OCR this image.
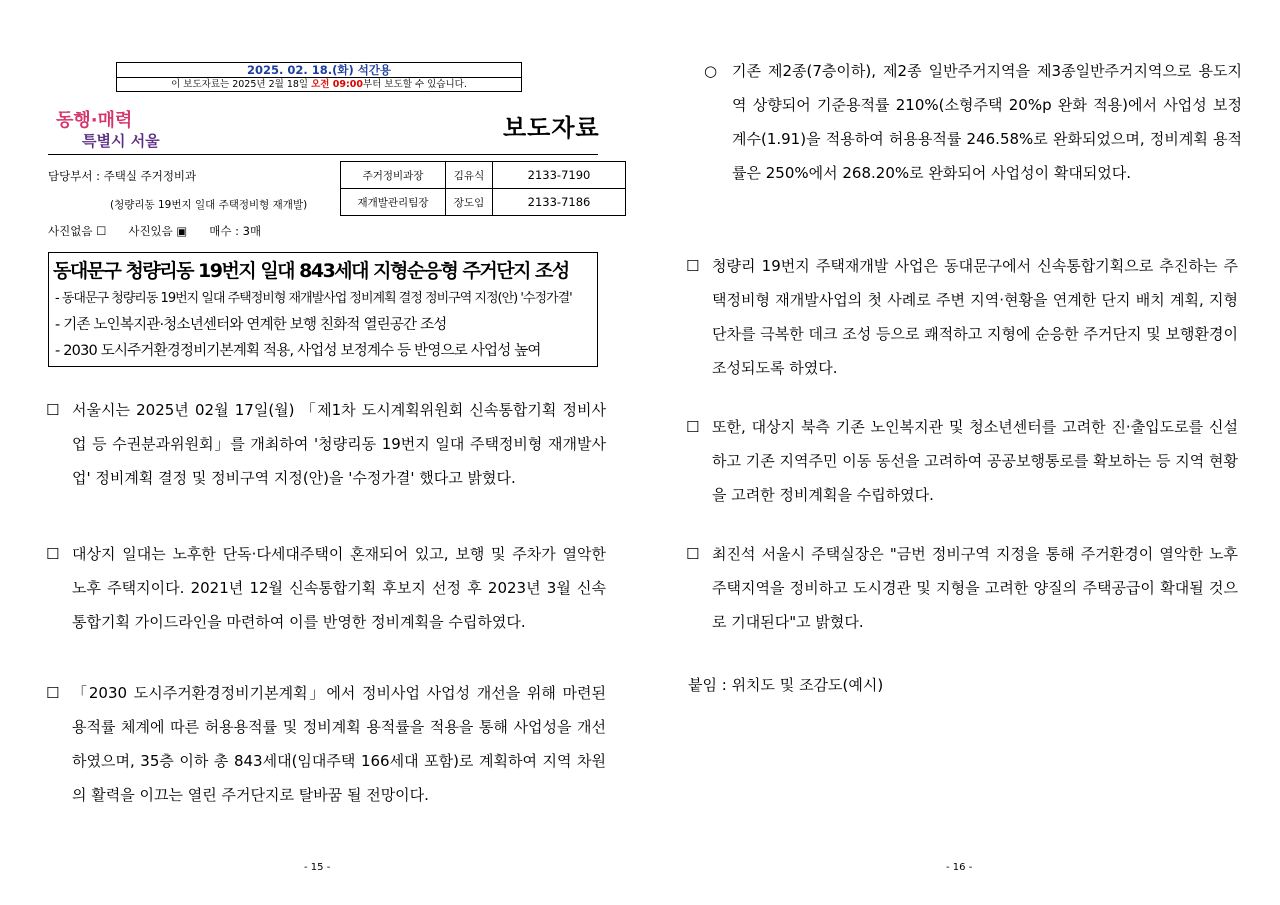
2025. 02. 18.(화) 석간용
이 보도자료는 2025년 2월 18일 오전 09:00부터 보도할 수 있습니다.
동행·매력
특별시 서울	보도자료
담당부서 : 주택실 주거정비과
(청량리동 19번지 일대 주택정비형 재개발)
주거정비과장	김유식	2133-7190
재개발관리팀장	장도임	2133-7186
사진없음 ☐      사진있음 ▣      매수 : 3매
동대문구 청량리동 19번지 일대 843세대 지형순응형 주거단지 조성
- 동대문구 청량리동 19번지 일대 주택정비형 재개발사업 정비계획 결정 정비구역 지정(안) '수정가결'
- 기존 노인복지관·청소년센터와 연계한 보행 친화적 열린공간 조성
- 2030 도시주거환경정비기본계획 적용, 사업성 보정계수 등 반영으로 사업성 높여
☐ 서울시는 2025년 02월 17일(월) 「제1차 도시계획위원회 신속통합기획 정비사업 등 수권분과위원회」를 개최하여 '청량리동 19번지 일대 주택정비형 재개발사업' 정비계획 결정 및 정비구역 지정(안)을 '수정가결' 했다고 밝혔다.
☐ 대상지 일대는 노후한 단독·다세대주택이 혼재되어 있고, 보행 및 주차가 열악한 노후 주택지이다. 2021년 12월 신속통합기획 후보지 선정 후 2023년 3월 신속통합기획 가이드라인을 마련하여 이를 반영한 정비계획을 수립하였다.
☐ 「2030 도시주거환경정비기본계획」에서 정비사업 사업성 개선을 위해 마련된 용적률 체계에 따른 허용용적률 및 정비계획 용적률을 적용을 통해 사업성을 개선하였으며, 35층 이하 총 843세대(임대주택 166세대 포함)로 계획하여 지역 차원의 활력을 이끄는 열린 주거단지로 탈바꿈 될 전망이다.
- 15 -
○ 기존 제2종(7층이하), 제2종 일반주거지역을 제3종일반주거지역으로 용도지역 상향되어 기준용적률 210%(소형주택 20%p 완화 적용)에서 사업성 보정계수(1.91)을 적용하여 허용용적률 246.58%로 완화되었으며, 정비계획 용적률은 250%에서 268.20%로 완화되어 사업성이 확대되었다.
☐ 청량리 19번지 주택재개발 사업은 동대문구에서 신속통합기획으로 추진하는 주택정비형 재개발사업의 첫 사례로 주변 지역·현황을 연계한 단지 배치 계획, 지형 단차를 극복한 데크 조성 등으로 쾌적하고 지형에 순응한 주거단지 및 보행환경이 조성되도록 하였다.
☐ 또한, 대상지 북측 기존 노인복지관 및 청소년센터를 고려한 진·출입도로를 신설하고 기존 지역주민 이동 동선을 고려하여 공공보행통로를 확보하는 등 지역 현황을 고려한 정비계획을 수립하였다.
☐ 최진석 서울시 주택실장은 "금번 정비구역 지정을 통해 주거환경이 열악한 노후 주택지역을 정비하고 도시경관 및 지형을 고려한 양질의 주택공급이 확대될 것으로 기대된다"고 밝혔다.
붙임 : 위치도 및 조감도(예시)
- 16 -
